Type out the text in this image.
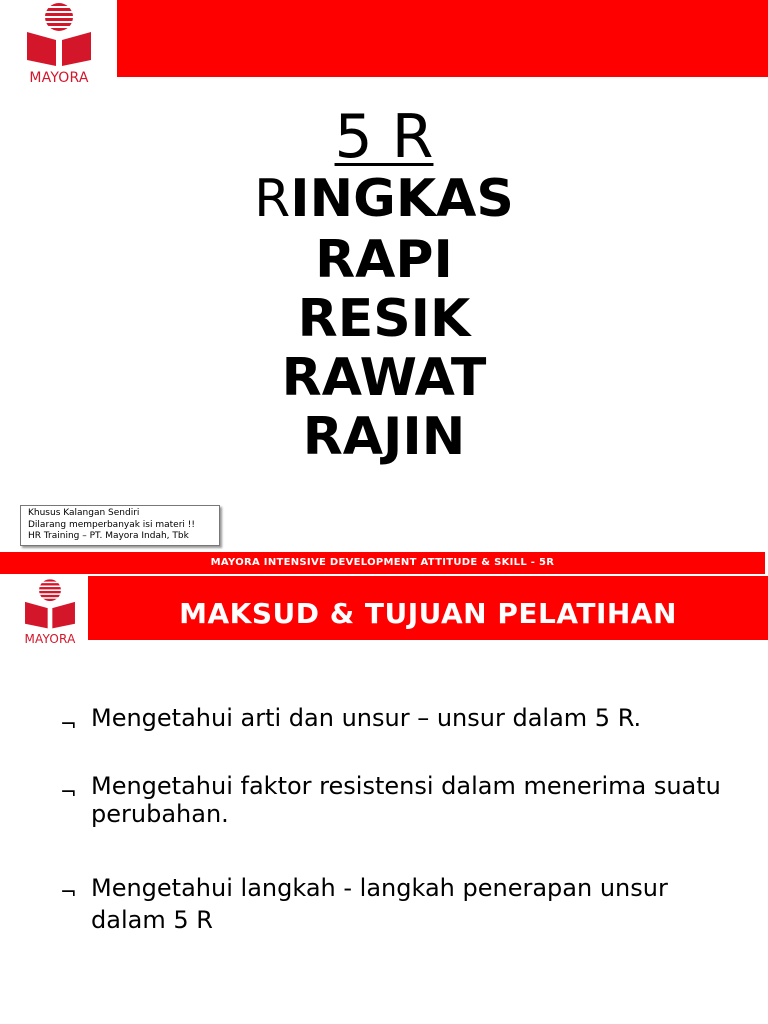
MAYORA
5 R
RINGKAS
RAPI
RESIK
RAWAT
RAJIN
Khusus Kalangan Sendiri
Dilarang memperbanyak isi materi !!
HR Training – PT. Mayora Indah, Tbk
MAYORA INTENSIVE DEVELOPMENT ATTITUDE & SKILL - 5R
MAYORA
MAKSUD & TUJUAN PELATIHAN
¬ Mengetahui arti dan unsur – unsur dalam 5 R.
¬ Mengetahui faktor resistensi dalam menerima suatu perubahan.
¬ Mengetahui langkah - langkah penerapan unsur dalam 5 R
